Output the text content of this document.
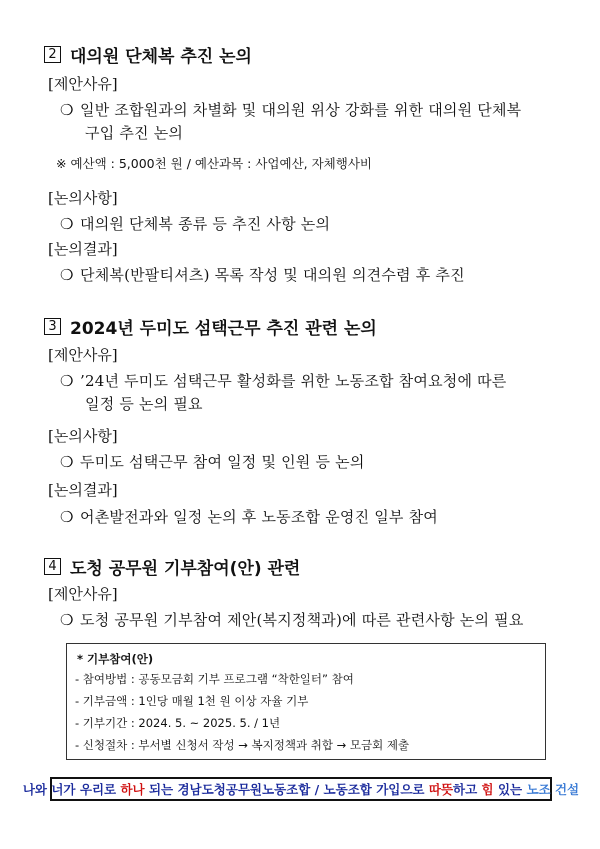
2 대의원 단체복 추진 논의
[제안사유]
❍ 일반 조합원과의 차별화 및 대의원 위상 강화를 위한 대의원 단체복
구입 추진 논의
※ 예산액 : 5,000천 원 / 예산과목 : 사업예산, 자체행사비
[논의사항]
❍ 대의원 단체복 종류 등 추진 사항 논의
[논의결과]
❍ 단체복(반팔티셔츠) 목록 작성 및 대의원 의견수렴 후 추진
3 2024년 두미도 섬택근무 추진 관련 논의
[제안사유]
❍ ’24년 두미도 섬택근무 활성화를 위한 노동조합 참여요청에 따른
일정 등 논의 필요
[논의사항]
❍ 두미도 섬택근무 참여 일정 및 인원 등 논의
[논의결과]
❍ 어촌발전과와 일정 논의 후 노동조합 운영진 일부 참여
4 도청 공무원 기부참여(안) 관련
[제안사유]
❍ 도청 공무원 기부참여 제안(복지정책과)에 따른 관련사항 논의 필요
* 기부참여(안)
- 참여방법 : 공동모금회 기부 프로그램 “착한일터” 참여
- 기부금액 : 1인당 매월 1천 원 이상 자율 기부
- 기부기간 : 2024. 5. ~ 2025. 5. / 1년
- 신청절차 : 부서별 신청서 작성 → 복지정책과 취합 → 모금회 제출
나와 너가 우리로 하나 되는 경남도청공무원노동조합 / 노동조합 가입으로 따뜻 하고 힘 있는 노조 건설
